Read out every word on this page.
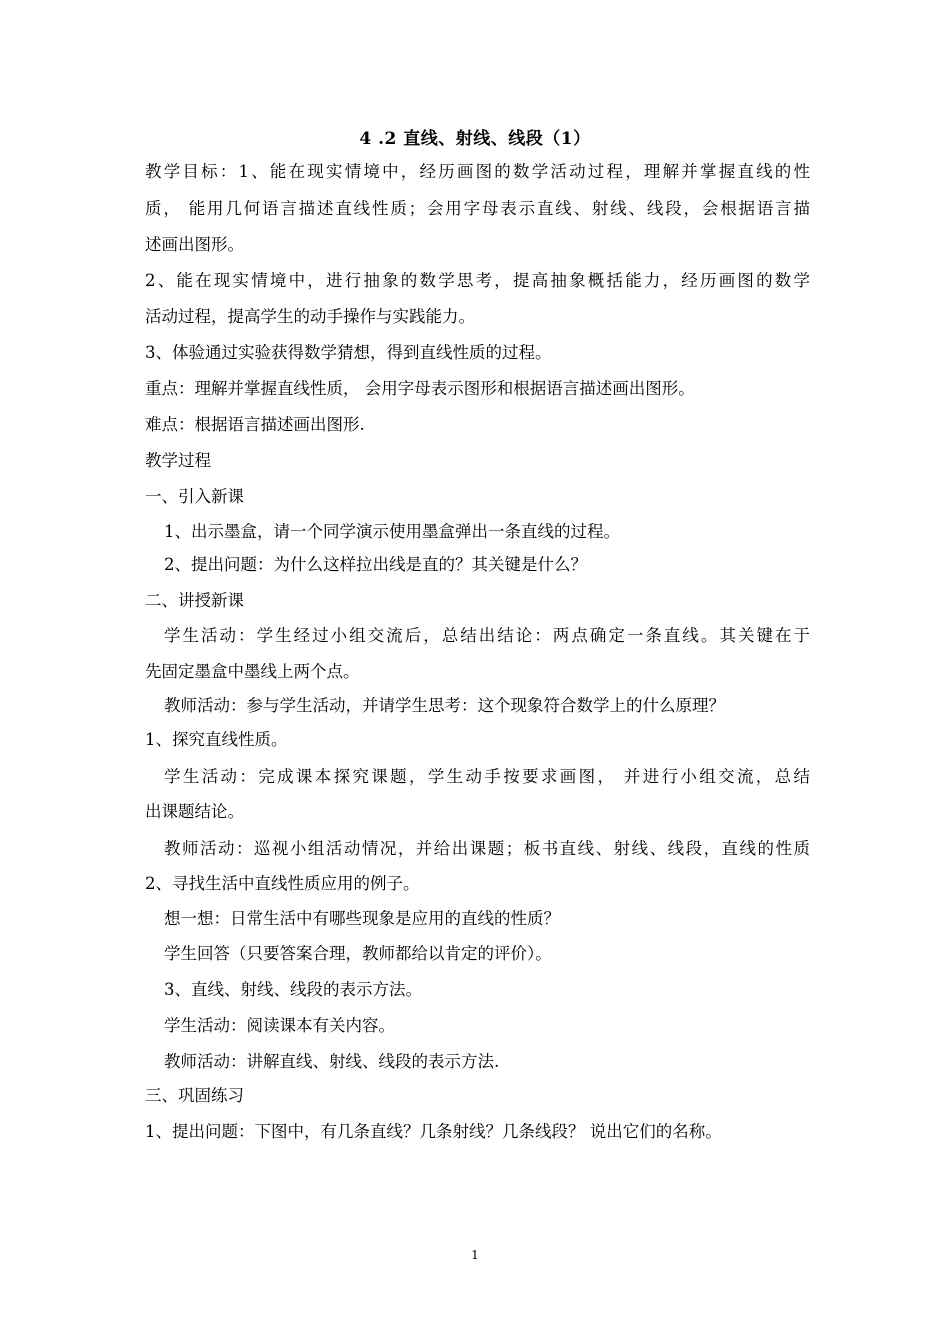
4 .2 直线、射线、线段（1）
教学目标：1、能在现实情境中，经历画图的数学活动过程，理解并掌握直线的性
质， 能用几何语言描述直线性质；会用字母表示直线、射线、线段，会根据语言描
述画出图形。
2、能在现实情境中，进行抽象的数学思考，提高抽象概括能力，经历画图的数学
活动过程，提高学生的动手操作与实践能力。
3、体验通过实验获得数学猜想，得到直线性质的过程。
重点：理解并掌握直线性质， 会用字母表示图形和根据语言描述画出图形。
难点：根据语言描述画出图形.
教学过程
一、引入新课
1、出示墨盒，请一个同学演示使用墨盒弹出一条直线的过程。
2、提出问题：为什么这样拉出线是直的？其关键是什么？
二、讲授新课
学生活动：学生经过小组交流后，总结出结论：两点确定一条直线。其关键在于
先固定墨盒中墨线上两个点。
教师活动：参与学生活动，并请学生思考：这个现象符合数学上的什么原理？
1、探究直线性质。
学生活动：完成课本探究课题，学生动手按要求画图， 并进行小组交流，总结
出课题结论。
教师活动：巡视小组活动情况，并给出课题；板书直线、射线、线段，直线的性质
2、寻找生活中直线性质应用的例子。
想一想：日常生活中有哪些现象是应用的直线的性质？
学生回答（只要答案合理，教师都给以肯定的评价）。
3、直线、射线、线段的表示方法。
学生活动：阅读课本有关内容。
教师活动：讲解直线、射线、线段的表示方法.
三、巩固练习
1、提出问题：下图中，有几条直线？几条射线？几条线段？ 说出它们的名称。
1
